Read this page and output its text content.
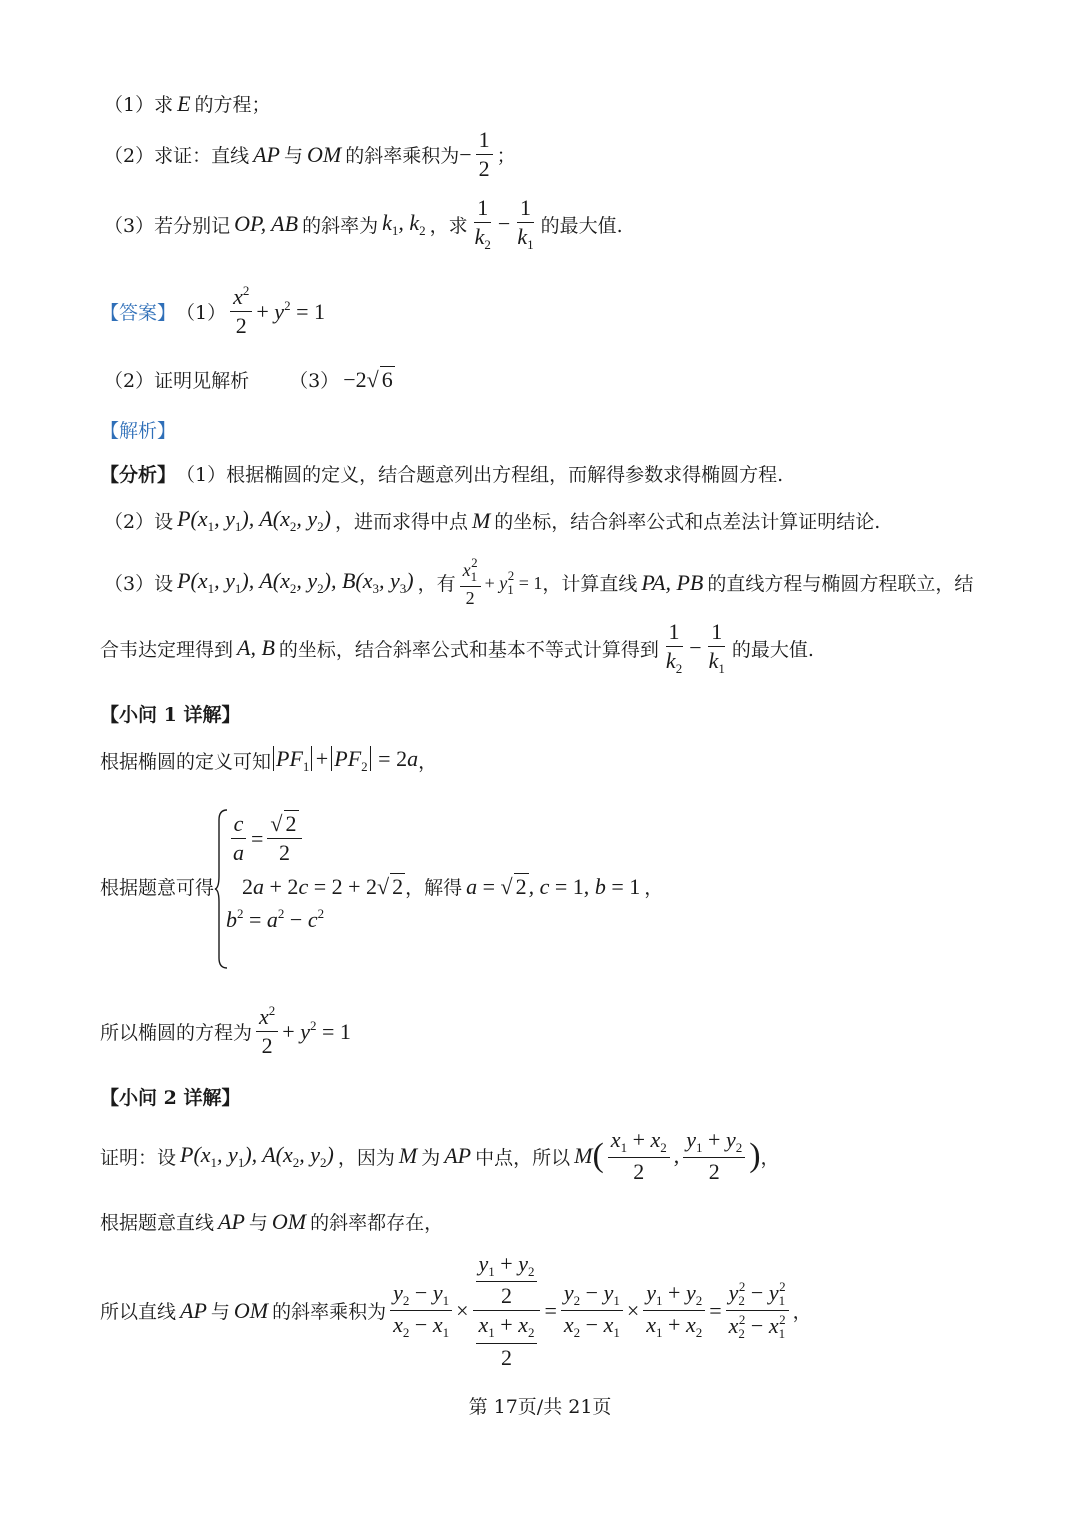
（1）求 E 的方程；
（2）求证：直线 AP 与 OM 的斜率乘积为 − $\frac{1}{2}$ ；
（3）若分别记 OP, AB 的斜率为 $k_1$, $k_2$ ，求 $\frac{1}{k_2} - \frac{1}{k_1}$ 的最大值.
【答案】 $(1) \frac{x^2}{2} + y^2 = 1$
（2）证明见解析 （3） −2√ 6
【解析】
【分析】 （1）根据椭圆的定义，结合题意列出方程组，而解得参数求得椭圆方程.
（2）设 $P(x_1$, $y_1$), $A(x_2$, $y_2$) ，进而求得中点 M 的坐标，结合斜率公式和点差法计算证明结论.
（3）设 $P(x_1$, $y_1$), $A(x_2$, $y_2$), $B(x_3$, $y_3$) ，有 $\frac{x_1^2}{2} + y_1^2 = 1$ ，计算直线 PA, PB 的直线方程与椭圆方程联立，结
合韦达定理得到 A, B 的坐标，结合斜率公式和基本不等式计算得到 $\frac{1}{k_2} - \frac{1}{k_1}$ 的最大值.
【小问 1 详解】
根据椭圆的定义可知 $PF_1 + PF_2 = 2a$ ，
$\frac{c}{a} = \frac{√ 2}{2}$
根据题意可得 2a + 2c = 2 + 2√ 2 ，解得 a = √ 2, c = 1, b = 1 ，
$b^2 = a^2 - c^2$
所以椭圆的方程为 $\frac{x^2}{2} + y^2 = 1$
【小问 2 详解】
证明：设 $P(x_1$, $y_1$), $A(x_2$, $y_2$) ，因为 M 为 AP 中点，所以 M ( $\frac{x_1 + x_2}{2}$ , $\frac{y_1 + y_2}{2}$ ) ，
根据题意直线 AP 与 OM 的斜率都存在，
所以直线 AP 与 OM 的斜率乘积为 $\frac{y_2 - y_1}{x_2 - x_1} \times \frac{\frac{y_1 + y_2}{2}}{\frac{x_1 + x_2}{2}} = \frac{y_2 - y_1}{x_2 - x_1} \times \frac{y_1 + y_2}{x_1 + x_2} = \frac{y_2^2 - y_1^2}{x_2^2 - x_1^2}$ ，
第 17页/共 21页
